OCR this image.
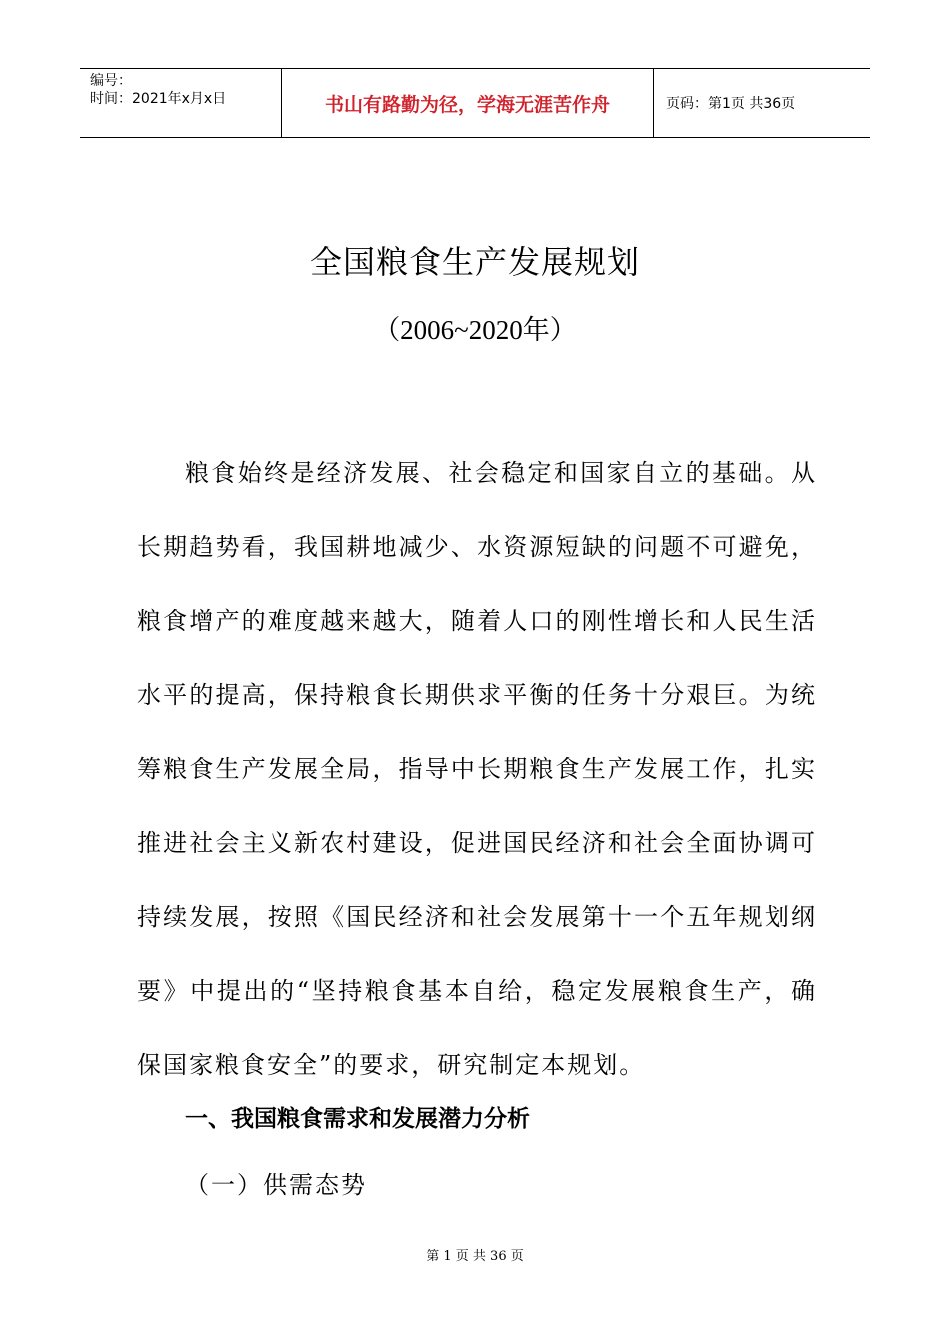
编号：
时间：2021年x月x日	书山有路勤为径，学海无涯苦作舟	页码：第1页 共36页
全国粮食生产发展规划
（2006~2020年）

粮食始终是经济发展、社会稳定和国家自立的基础。从长期趋势看，我国耕地减少、水资源短缺的问题不可避免，粮食增产的难度越来越大，随着人口的刚性增长和人民生活水平的提高，保持粮食长期供求平衡的任务十分艰巨。为统筹粮食生产发展全局，指导中长期粮食生产发展工作，扎实推进社会主义新农村建设，促进国民经济和社会全面协调可持续发展，按照《国民经济和社会发展第十一个五年规划纲要》中提出的“坚持粮食基本自给，稳定发展粮食生产，确保国家粮食安全”的要求，研究制定本规划。

一、我国粮食需求和发展潜力分析
（一）供需态势
第 1 页 共 36 页
